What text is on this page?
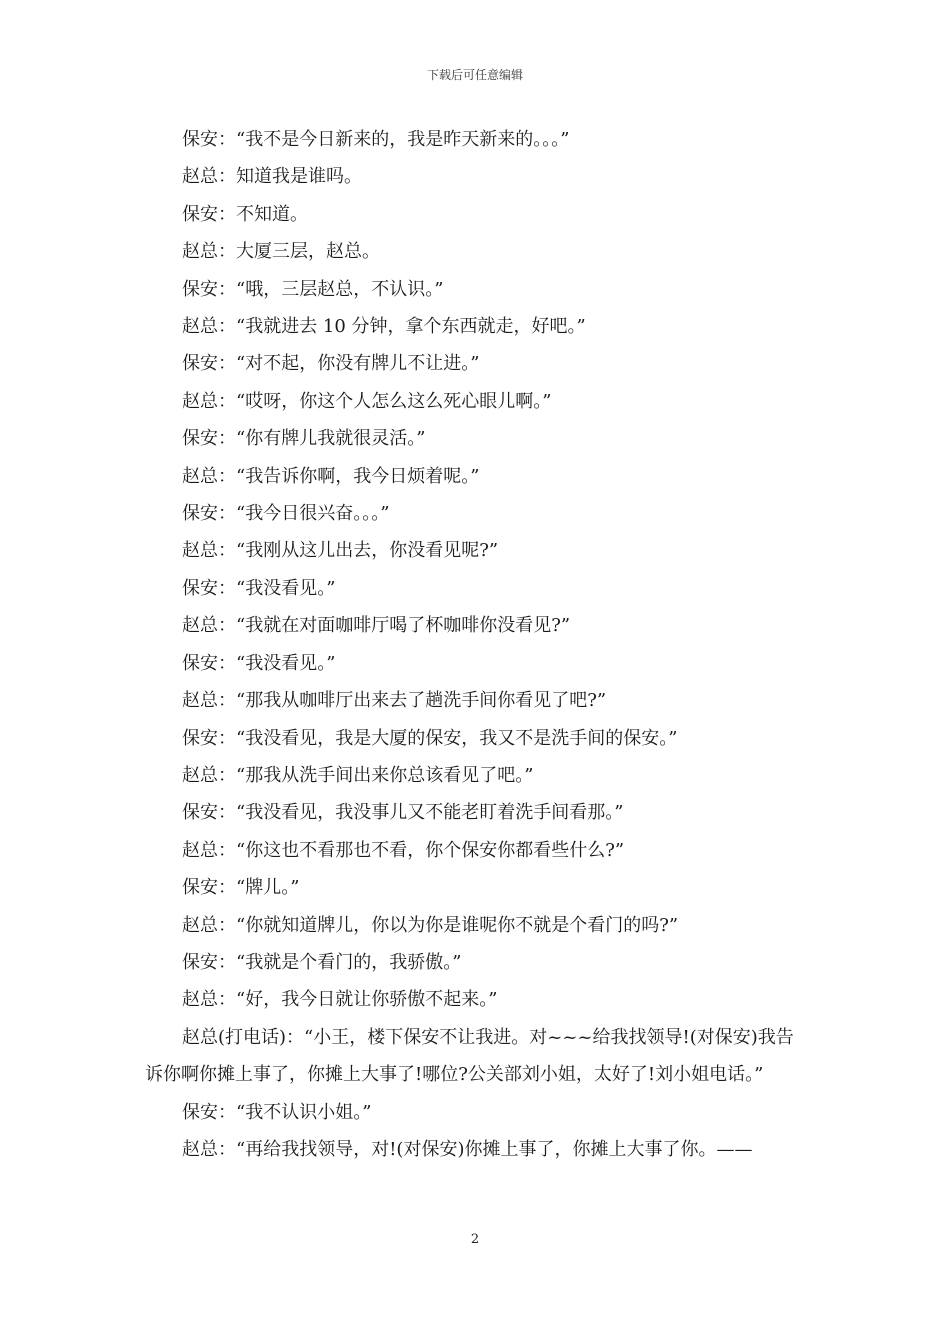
下载后可任意编辑

保安：“我不是今日新来的，我是昨天新来的。。。”

赵总：知道我是谁吗。

保安：不知道。

赵总：大厦三层，赵总。

保安：“哦，三层赵总，不认识。”

赵总：“我就进去 10 分钟，拿个东西就走，好吧。”

保安：“对不起，你没有牌儿不让进。”

赵总：“哎呀，你这个人怎么这么死心眼儿啊。”

保安：“你有牌儿我就很灵活。”

赵总：“我告诉你啊，我今日烦着呢。”

保安：“我今日很兴奋。。。”

赵总：“我刚从这儿出去，你没看见呢?”

保安：“我没看见。”

赵总：“我就在对面咖啡厅喝了杯咖啡你没看见?”

保安：“我没看见。”

赵总：“那我从咖啡厅出来去了趟洗手间你看见了吧?”

保安：“我没看见，我是大厦的保安，我又不是洗手间的保安。”

赵总：“那我从洗手间出来你总该看见了吧。”

保安：“我没看见，我没事儿又不能老盯着洗手间看那。”

赵总：“你这也不看那也不看，你个保安你都看些什么?”

保安：“牌儿。”

赵总：“你就知道牌儿，你以为你是谁呢你不就是个看门的吗?”

保安：“我就是个看门的，我骄傲。”

赵总：“好，我今日就让你骄傲不起来。”

赵总(打电话)：“小王，楼下保安不让我进。对~~~给我找领导!(对保安)我告诉你啊你摊上事了，你摊上大事了!哪位?公关部刘小姐，太好了!刘小姐电话。”

保安：“我不认识小姐。”

赵总：“再给我找领导，对!(对保安)你摊上事了，你摊上大事了你。——

2
